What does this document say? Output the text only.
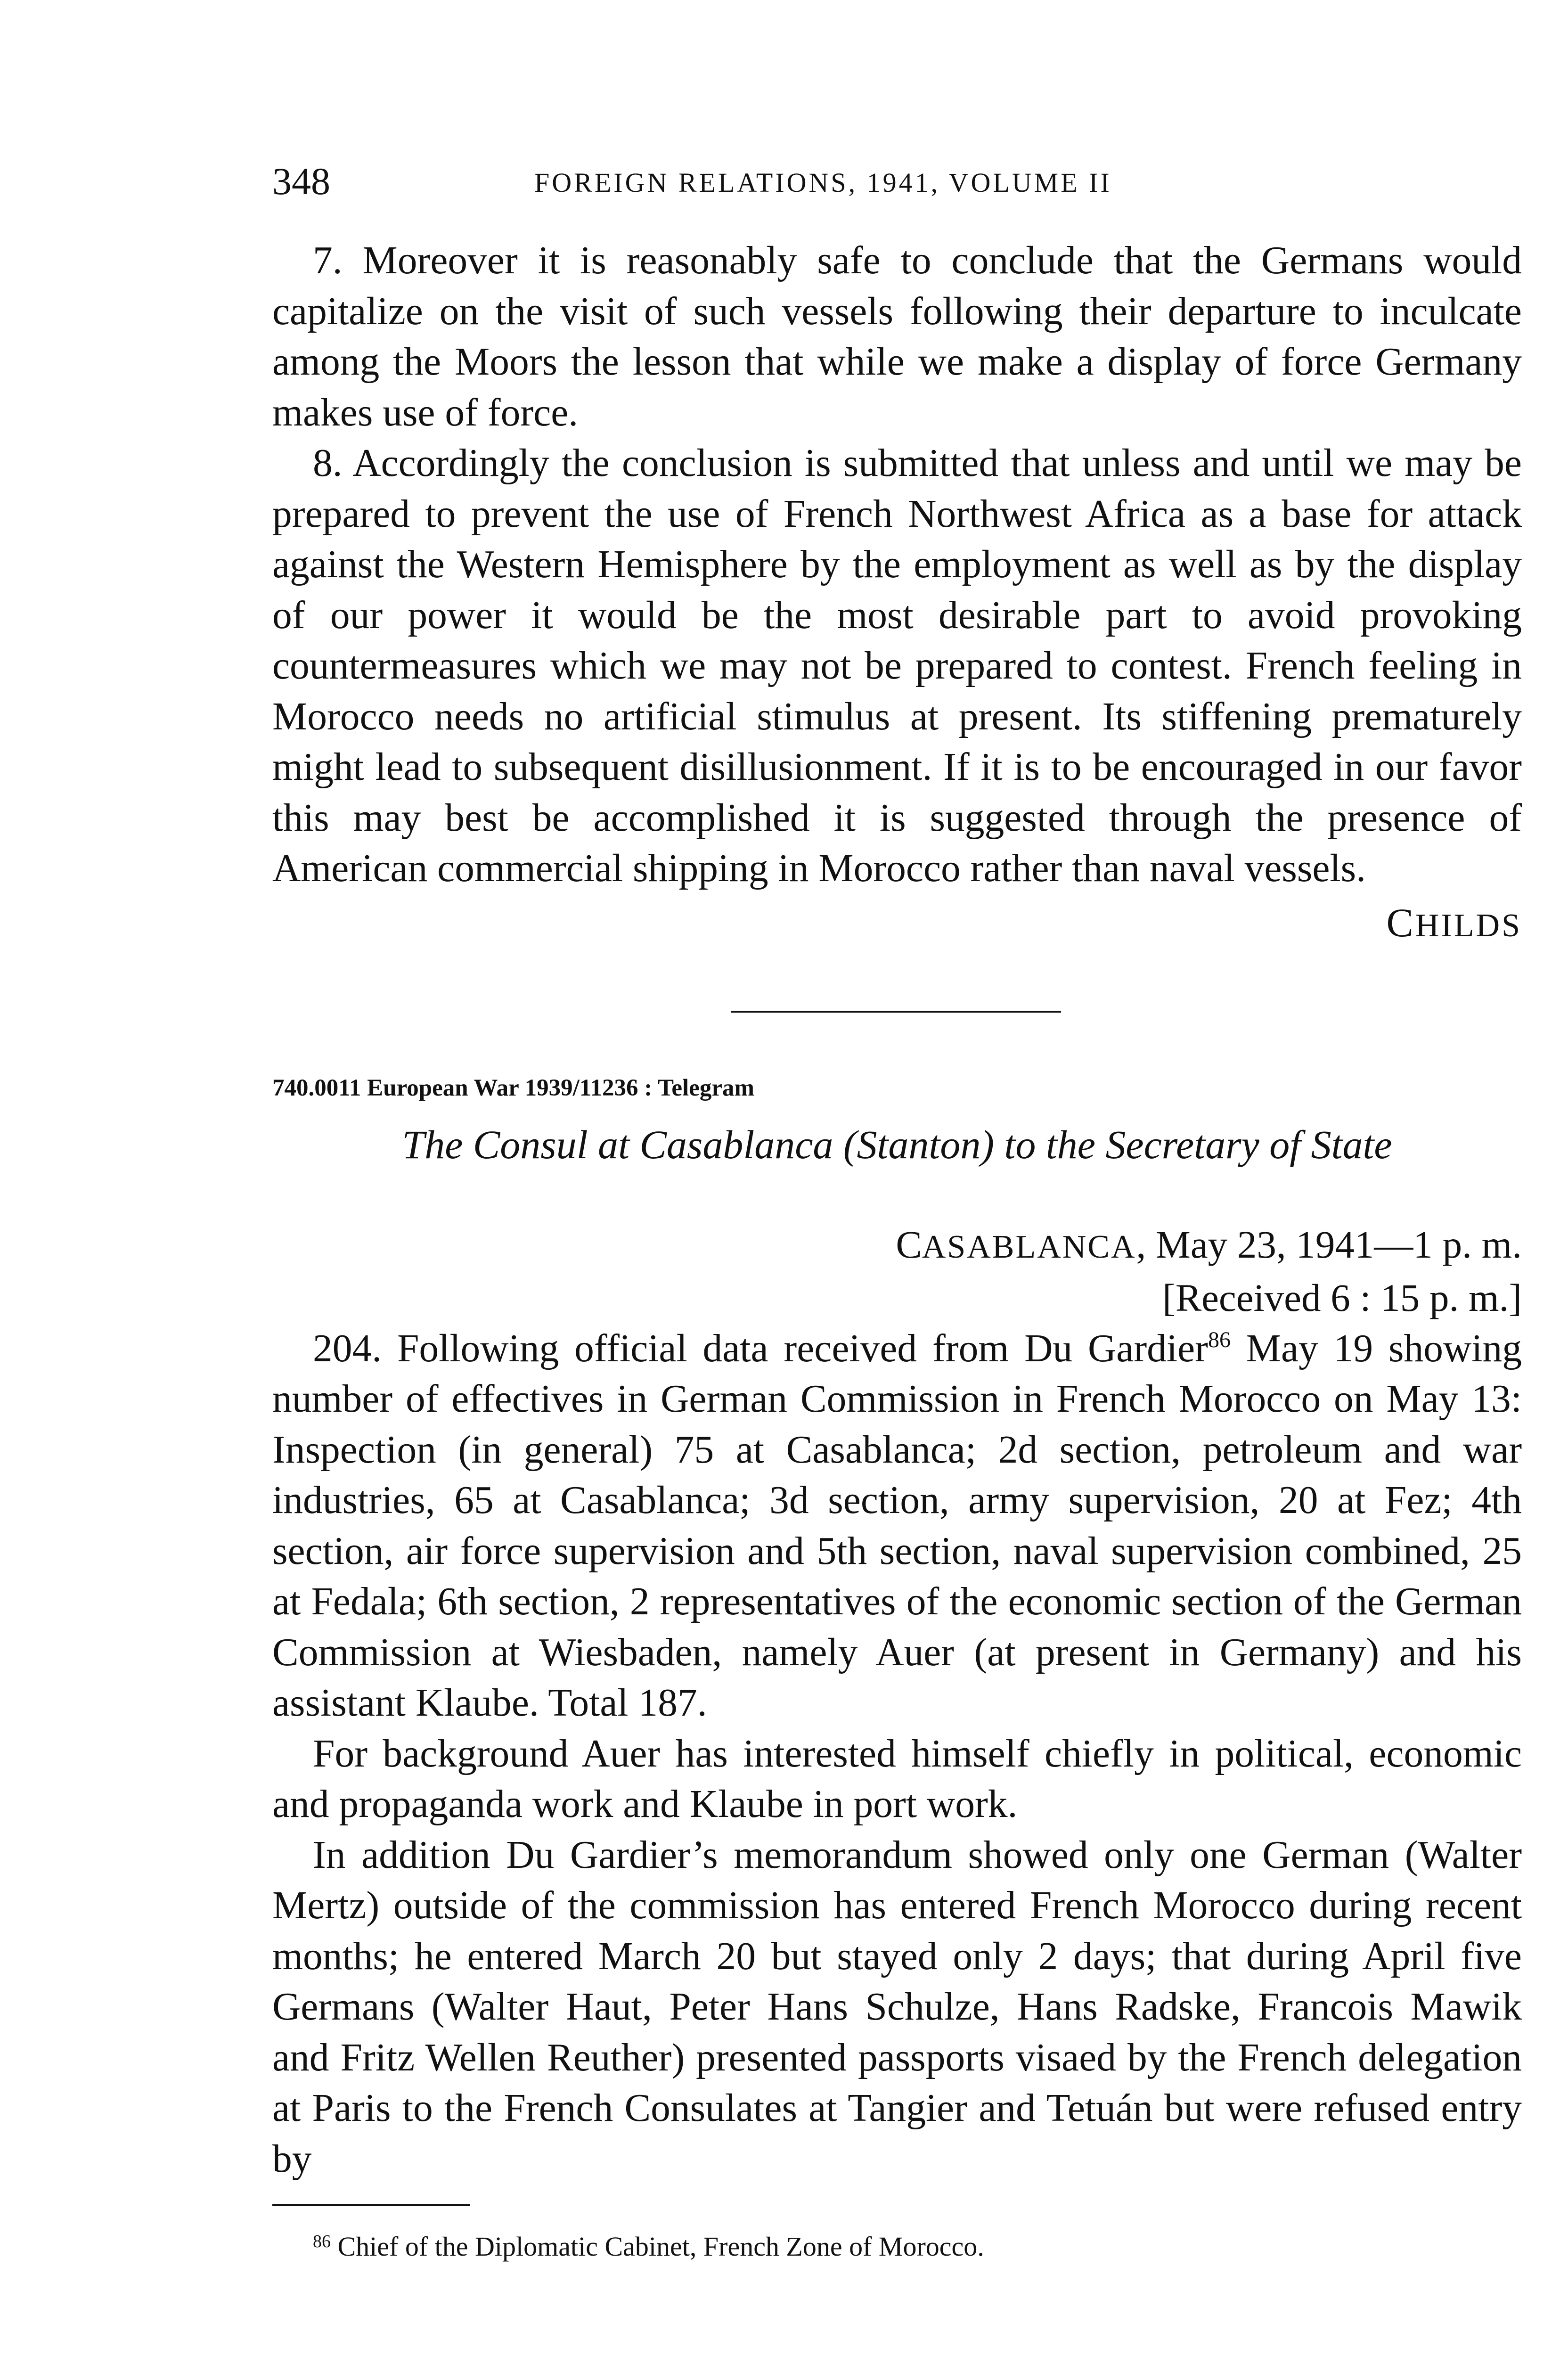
348	FOREIGN RELATIONS, 1941, VOLUME II

7. Moreover it is reasonably safe to conclude that the Germans would capitalize on the visit of such vessels following their departure to inculcate among the Moors the lesson that while we make a display of force Germany makes use of force.

8. Accordingly the conclusion is submitted that unless and until we may be prepared to prevent the use of French Northwest Africa as a base for attack against the Western Hemisphere by the employment as well as by the display of our power it would be the most desirable part to avoid provoking countermeasures which we may not be prepared to contest. French feeling in Morocco needs no artificial stimulus at present. Its stiffening prematurely might lead to subsequent disillusionment. If it is to be encouraged in our favor this may best be accomplished it is suggested through the presence of American commercial shipping in Morocco rather than naval vessels.

CHILDS

740.0011 European War 1939/11236 : Telegram

The Consul at Casablanca (Stanton) to the Secretary of State

CASABLANCA, May 23, 1941—1 p. m.

[Received 6 : 15 p. m.]

204. Following official data received from Du Gardier$^{86}$ May 19 showing number of effectives in German Commission in French Morocco on May 13: Inspection (in general) 75 at Casablanca; 2d section, petroleum and war industries, 65 at Casablanca; 3d section, army supervision, 20 at Fez; 4th section, air force supervision and 5th section, naval supervision combined, 25 at Fedala; 6th section, 2 representatives of the economic section of the German Commission at Wiesbaden, namely Auer (at present in Germany) and his assistant Klaube. Total 187.

For background Auer has interested himself chiefly in political, economic and propaganda work and Klaube in port work.

In addition Du Gardier’s memorandum showed only one German (Walter Mertz) outside of the commission has entered French Morocco during recent months; he entered March 20 but stayed only 2 days; that during April five Germans (Walter Haut, Peter Hans Schulze, Hans Radske, Francois Mawik and Fritz Wellen Reuther) presented passports visaed by the French delegation at Paris to the French Consulates at Tangier and Tetuán but were refused entry by

$^{86}$ Chief of the Diplomatic Cabinet, French Zone of Morocco.
